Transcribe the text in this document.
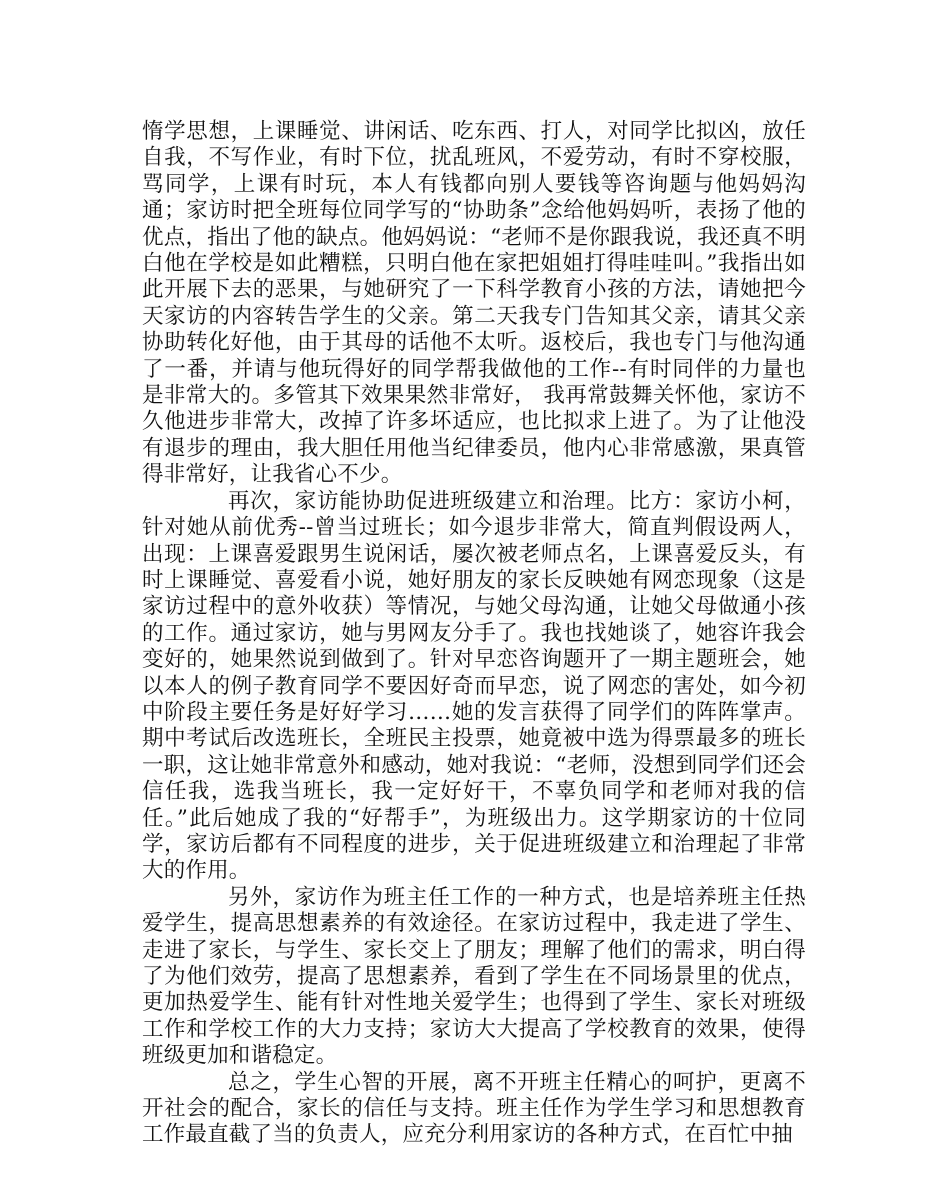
惰学思想，上课睡觉、讲闲话、吃东西、打人，对同学比拟凶，放任自我，不写作业，有时下位，扰乱班风，不爱劳动，有时不穿校服，骂同学，上课有时玩，本人有钱都向别人要钱等咨询题与他妈妈沟通；家访时把全班每位同学写的“协助条”念给他妈妈听，表扬了他的优点，指出了他的缺点。他妈妈说：“老师不是你跟我说，我还真不明白他在学校是如此糟糕，只明白他在家把姐姐打得哇哇叫。”我指出如此开展下去的恶果，与她研究了一下科学教育小孩的方法，请她把今天家访的内容转告学生的父亲。第二天我专门告知其父亲，请其父亲协助转化好他，由于其母的话他不太听。返校后，我也专门与他沟通了一番，并请与他玩得好的同学帮我做他的工作--有时同伴的力量也是非常大的。多管其下效果果然非常好， 我再常鼓舞关怀他，家访不久他进步非常大，改掉了许多坏适应，也比拟求上进了。为了让他没有退步的理由，我大胆任用他当纪律委员，他内心非常感激，果真管得非常好，让我省心不少。

再次，家访能协助促进班级建立和治理。比方：家访小柯，针对她从前优秀--曾当过班长；如今退步非常大，简直判假设两人，出现：上课喜爱跟男生说闲话，屡次被老师点名，上课喜爱反头，有时上课睡觉、喜爱看小说，她好朋友的家长反映她有网恋现象（这是家访过程中的意外收获）等情况，与她父母沟通，让她父母做通小孩的工作。通过家访，她与男网友分手了。我也找她谈了，她容许我会变好的，她果然说到做到了。针对早恋咨询题开了一期主题班会，她以本人的例子教育同学不要因好奇而早恋，说了网恋的害处，如今初中阶段主要任务是好好学习……她的发言获得了同学们的阵阵掌声。期中考试后改选班长，全班民主投票，她竟被中选为得票最多的班长一职，这让她非常意外和感动，她对我说：“老师，没想到同学们还会信任我，选我当班长，我一定好好干，不辜负同学和老师对我的信任。”此后她成了我的“好帮手”，为班级出力。这学期家访的十位同学，家访后都有不同程度的进步，关于促进班级建立和治理起了非常大的作用。

另外，家访作为班主任工作的一种方式，也是培养班主任热爱学生，提高思想素养的有效途径。在家访过程中，我走进了学生、走进了家长，与学生、家长交上了朋友；理解了他们的需求，明白得了为他们效劳，提高了思想素养，看到了学生在不同场景里的优点，更加热爱学生、能有针对性地关爱学生；也得到了学生、家长对班级工作和学校工作的大力支持；家访大大提高了学校教育的效果，使得班级更加和谐稳定。

总之，学生心智的开展，离不开班主任精心的呵护，更离不开社会的配合，家长的信任与支持。班主任作为学生学习和思想教育工作最直截了当的负责人，应充分利用家访的各种方式，在百忙中抽
